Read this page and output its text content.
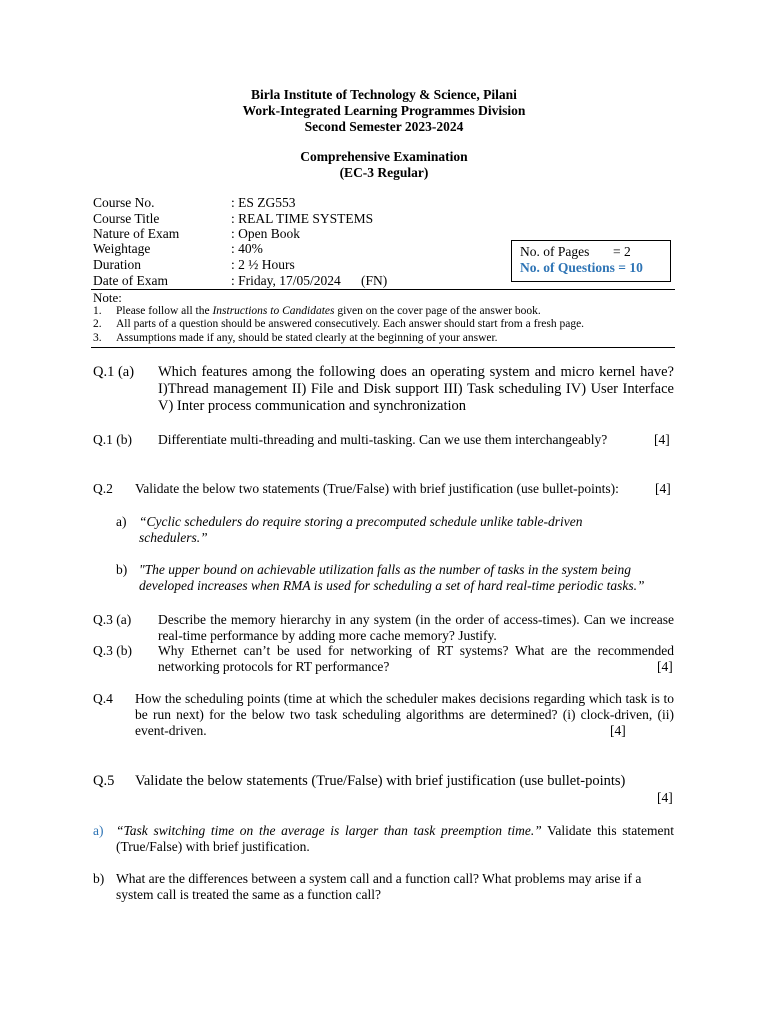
Birla Institute of Technology & Science, Pilani
Work-Integrated Learning Programmes Division
Second Semester 2023-2024
Comprehensive Examination
(EC-3 Regular)
Course No.	: ES ZG553
Course Title	: REAL TIME SYSTEMS
Nature of Exam	: Open Book
Weightage	: 40%
Duration	: 2 ½ Hours
Date of Exam	: Friday, 17/05/2024      (FN)
No. of Pages       = 2
No. of Questions = 10
Note:
1. Please follow all the Instructions to Candidates given on the cover page of the answer book.
2. All parts of a question should be answered consecutively. Each answer should start from a fresh page.
3. Assumptions made if any, should be stated clearly at the beginning of your answer.
Q.1 (a) Which features among the following does an operating system and micro kernel have? I)Thread management II) File and Disk support III) Task scheduling IV) User Interface V) Inter process communication and synchronization
Q.1 (b) Differentiate multi-threading and multi-tasking. Can we use them interchangeably?	[4]
Q.2 Validate the below two statements (True/False) with brief justification (use bullet-points):	[4]
a) “Cyclic schedulers do require storing a precomputed schedule unlike table-driven schedulers.”
b) "The upper bound on achievable utilization falls as the number of tasks in the system being developed increases when RMA is used for scheduling a set of hard real-time periodic tasks.”
Q.3 (a) Describe the memory hierarchy in any system (in the order of access-times). Can we increase real-time performance by adding more cache memory? Justify.
Q.3 (b) Why Ethernet can’t be used for networking of RT systems? What are the recommended networking protocols for RT performance?	[4]
Q.4 How the scheduling points (time at which the scheduler makes decisions regarding which task is to be run next) for the below two task scheduling algorithms are determined? (i) clock-driven, (ii) event-driven.	[4]
Q.5 Validate the below statements (True/False) with brief justification (use bullet-points)
[4]
a) “Task switching time on the average is larger than task preemption time.” Validate this statement (True/False) with brief justification.
b) What are the differences between a system call and a function call? What problems may arise if a system call is treated the same as a function call?
